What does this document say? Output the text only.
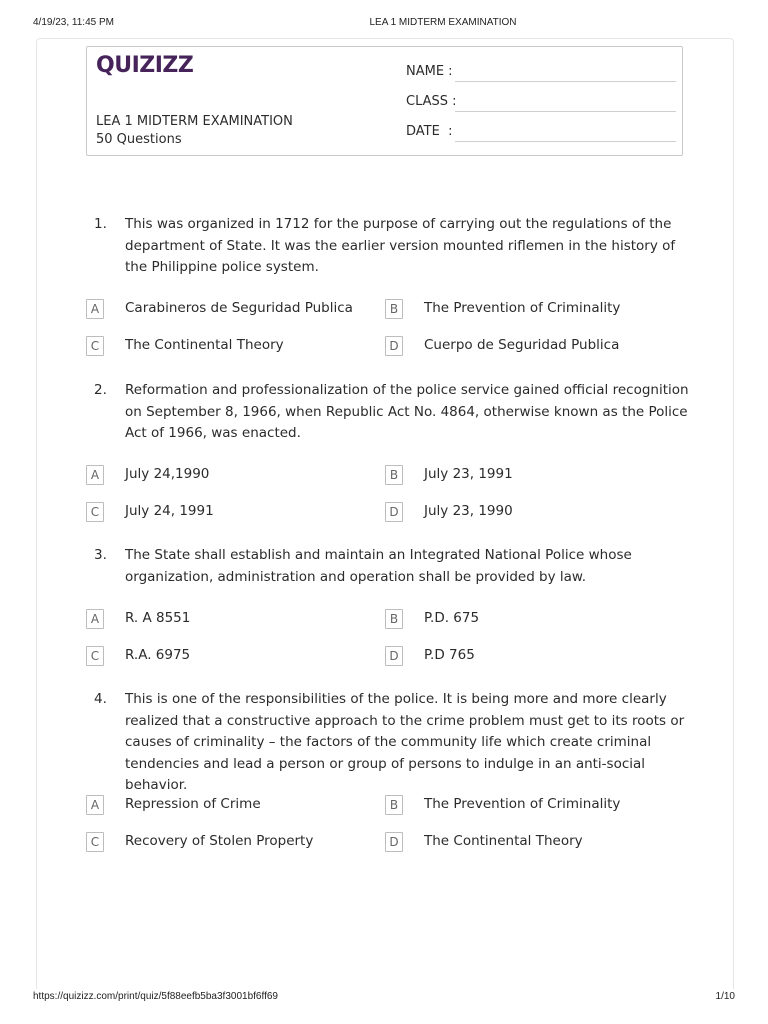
4/19/23, 11:45 PM	LEA 1 MIDTERM EXAMINATION
QUIZIZZ
LEA 1 MIDTERM EXAMINATION
50 Questions
NAME :
CLASS :
DATE  :
1. This was organized in 1712 for the purpose of carrying out the regulations of the department of State. It was the earlier version mounted riflemen in the history of the Philippine police system.
A	Carabineros de Seguridad Publica	B	The Prevention of Criminality
C	The Continental Theory	D	Cuerpo de Seguridad Publica
2. Reformation and professionalization of the police service gained official recognition on September 8, 1966, when Republic Act No. 4864, otherwise known as the Police Act of 1966, was enacted.
A	July 24,1990	B	July 23, 1991
C	July 24, 1991	D	July 23, 1990
3. The State shall establish and maintain an Integrated National Police whose organization, administration and operation shall be provided by law.
A	R. A 8551	B	P.D. 675
C	R.A. 6975	D	P.D 765
4. This is one of the responsibilities of the police. It is being more and more clearly realized that a constructive approach to the crime problem must get to its roots or causes of criminality – the factors of the community life which create criminal tendencies and lead a person or group of persons to indulge in an anti-social behavior.
A	Repression of Crime	B	The Prevention of Criminality
C	Recovery of Stolen Property	D	The Continental Theory
https://quizizz.com/print/quiz/5f88eefb5ba3f3001bf6ff69	1/10
